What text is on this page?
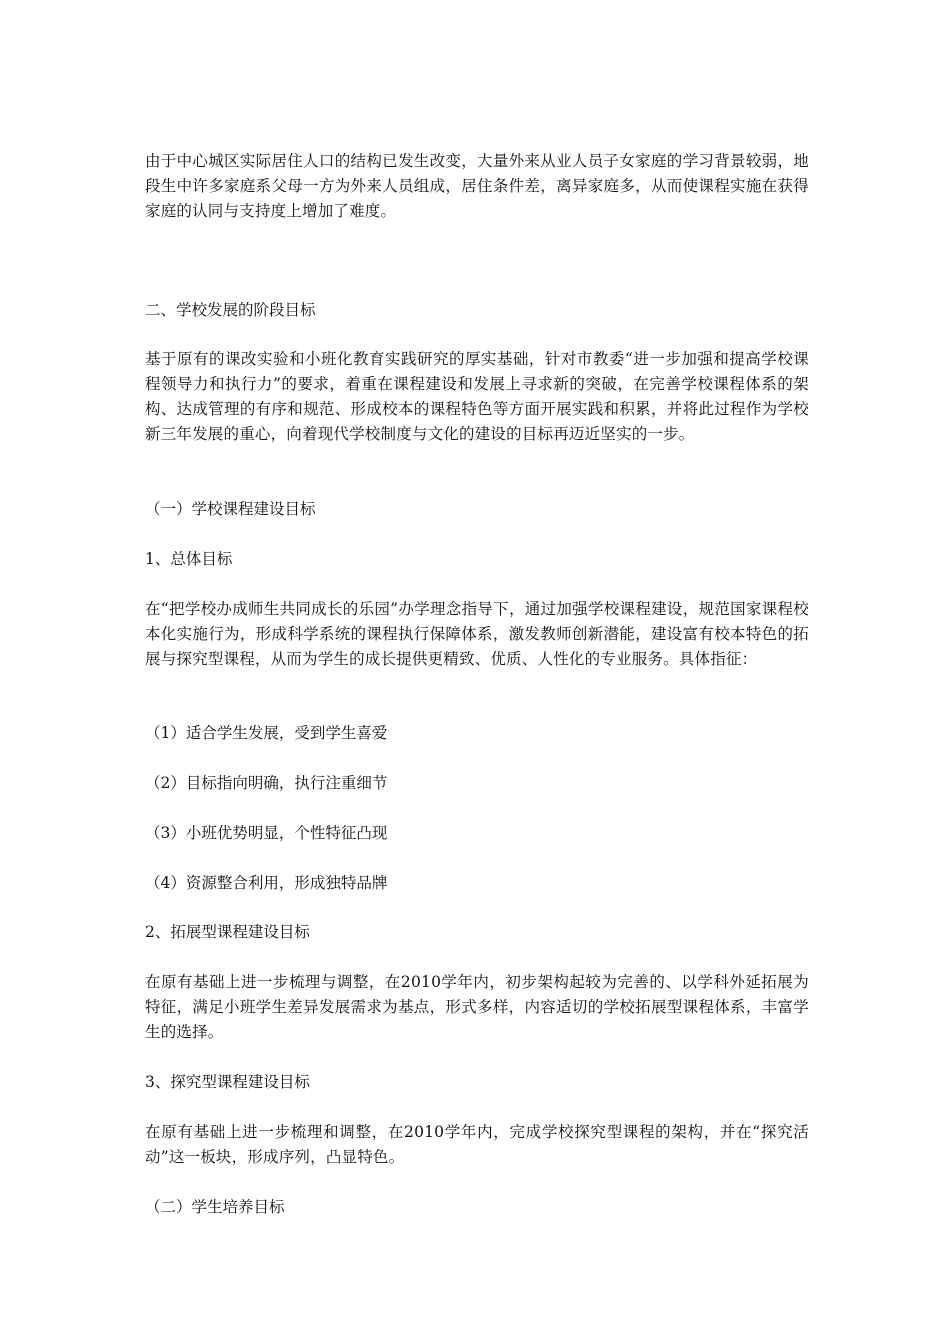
由于中心城区实际居住人口的结构已发生改变，大量外来从业人员子女家庭的学习背景较弱，地段生中许多家庭系父母一方为外来人员组成，居住条件差，离异家庭多，从而使课程实施在获得家庭的认同与支持度上增加了难度。

二、学校发展的阶段目标

基于原有的课改实验和小班化教育实践研究的厚实基础，针对市教委“进一步加强和提高学校课程领导力和执行力”的要求，着重在课程建设和发展上寻求新的突破，在完善学校课程体系的架构、达成管理的有序和规范、形成校本的课程特色等方面开展实践和积累，并将此过程作为学校新三年发展的重心，向着现代学校制度与文化的建设的目标再迈近坚实的一步。

（一）学校课程建设目标

1、总体目标

在“把学校办成师生共同成长的乐园”办学理念指导下，通过加强学校课程建设，规范国家课程校本化实施行为，形成科学系统的课程执行保障体系，激发教师创新潜能，建设富有校本特色的拓展与探究型课程，从而为学生的成长提供更精致、优质、人性化的专业服务。具体指征：

（1）适合学生发展，受到学生喜爱

（2）目标指向明确，执行注重细节

（3）小班优势明显，个性特征凸现

（4）资源整合利用，形成独特品牌

2、拓展型课程建设目标

在原有基础上进一步梳理与调整，在2010学年内，初步架构起较为完善的、以学科外延拓展为特征，满足小班学生差异发展需求为基点，形式多样，内容适切的学校拓展型课程体系，丰富学生的选择。

3、探究型课程建设目标

在原有基础上进一步梳理和调整，在2010学年内，完成学校探究型课程的架构，并在“探究活动”这一板块，形成序列，凸显特色。

（二）学生培养目标
